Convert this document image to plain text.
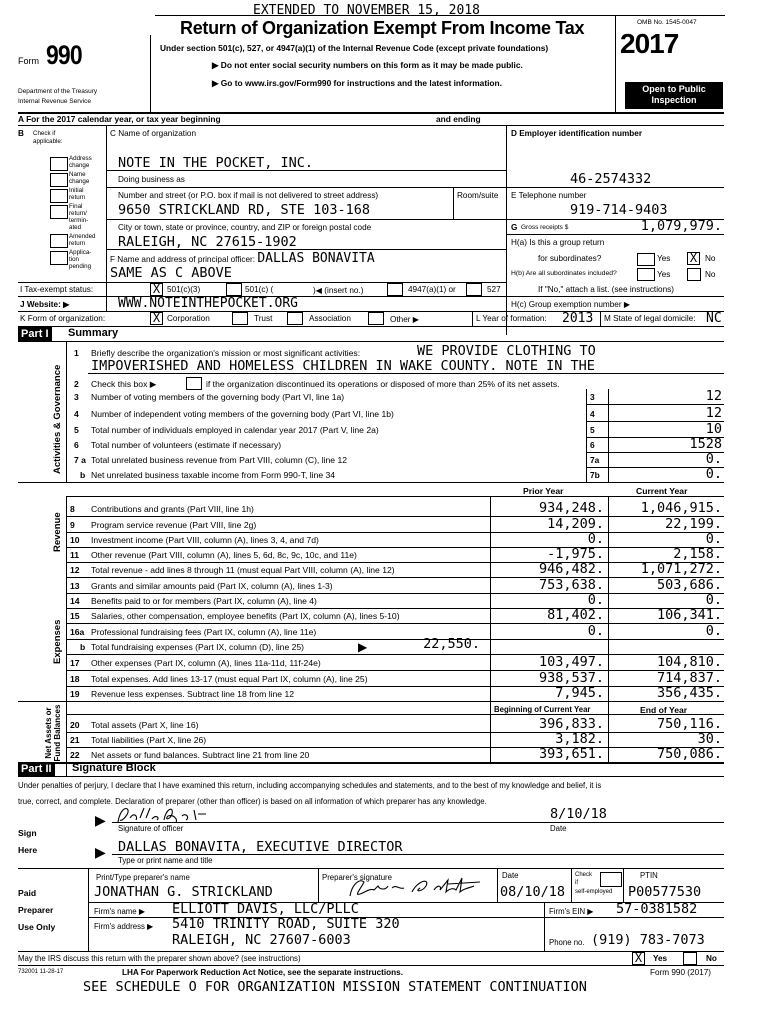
EXTENDED TO NOVEMBER 15, 2018
Form 990
Department of the Treasury
Internal Revenue Service
Return of Organization Exempt From Income Tax
Under section 501(c), 527, or 4947(a)(1) of the Internal Revenue Code (except private foundations)
▶ Do not enter social security numbers on this form as it may be made public.
▶ Go to www.irs.gov/Form990 for instructions and the latest information.
OMB No. 1545-0047
2017
Open to Public
Inspection
A For the 2017 calendar year, or tax year beginning	and ending
B Check if
applicable:
C Name of organization
Address change
Name change
Initial return
Final return/ termin- ated
Amended return
Applica- tion pending
NOTE IN THE POCKET, INC.
Doing business as
Number and street (or P.O. box if mail is not delivered to street address)	Room/suite
9650 STRICKLAND RD, STE 103-168
City or town, state or province, country, and ZIP or foreign postal code
RALEIGH, NC 27615-1902
F Name and address of principal officer: DALLAS BONAVITA
SAME AS C ABOVE
D Employer identification number
46-2574332
E Telephone number
919-714-9403
G Gross receipts $	1,079,979.
H(a) Is this a group return
for subordinates?	Yes X No
H(b) Are all subordinates included?	Yes	No
If "No," attach a list. (see instructions)
I Tax-exempt status:	X 501(c)(3)	501(c) (	)◀ (insert no.)	4947(a)(1) or	527
J Website: ▶	WWW.NOTEINTHEPOCKET.ORG	H(c) Group exemption number ▶
K Form of organization:	X Corporation	Trust	Association	Other ▶	L Year of formation: 2013 M State of legal domicile: NC
Part I Summary
Activities & Governance
1 Briefly describe the organization's mission or most significant activities:	WE PROVIDE CLOTHING TO
IMPOVERISHED AND HOMELESS CHILDREN IN WAKE COUNTY. NOTE IN THE
2 Check this box ▶	if the organization discontinued its operations or disposed of more than 25% of its net assets.
3 Number of voting members of the governing body (Part VI, line 1a)	3	12
4 Number of independent voting members of the governing body (Part VI, line 1b)	4	12
5 Total number of individuals employed in calendar year 2017 (Part V, line 2a)	5	10
6 Total number of volunteers (estimate if necessary)	6	1528
7 a Total unrelated business revenue from Part VIII, column (C), line 12	7a	0.
b Net unrelated business taxable income from Form 990-T, line 34	7b	0.
Prior Year	Current Year
Revenue
8 Contributions and grants (Part VIII, line 1h)	934,248.	1,046,915.
9 Program service revenue (Part VIII, line 2g)	14,209.	22,199.
10 Investment income (Part VIII, column (A), lines 3, 4, and 7d)	0.	0.
11 Other revenue (Part VIII, column (A), lines 5, 6d, 8c, 9c, 10c, and 11e)	-1,975.	2,158.
12 Total revenue - add lines 8 through 11 (must equal Part VIII, column (A), line 12)	946,482.	1,071,272.
Expenses
13 Grants and similar amounts paid (Part IX, column (A), lines 1-3)	753,638.	503,686.
14 Benefits paid to or for members (Part IX, column (A), line 4)	0.	0.
15 Salaries, other compensation, employee benefits (Part IX, column (A), lines 5-10)	81,402.	106,341.
16a Professional fundraising fees (Part IX, column (A), line 11e)	0.	0.
b Total fundraising expenses (Part IX, column (D), line 25)	▶	22,550.
17 Other expenses (Part IX, column (A), lines 11a-11d, 11f-24e)	103,497.	104,810.
18 Total expenses. Add lines 13-17 (must equal Part IX, column (A), line 25)	938,537.	714,837.
19 Revenue less expenses. Subtract line 18 from line 12	7,945.	356,435.
Beginning of Current Year	End of Year
Net Assets or Fund Balances 20 Total assets (Part X, line 16)	396,833.	750,116.
21 Total liabilities (Part X, line 26)	3,182.	30.
22 Net assets or fund balances. Subtract line 21 from line 20	393,651.	750,086.
Part II Signature Block
Under penalties of perjury, I declare that I have examined this return, including accompanying schedules and statements, and to the best of my knowledge and belief, it is
true, correct, and complete. Declaration of preparer (other than officer) is based on all information of which preparer has any knowledge.
Sign
Here
▶
▶
8/10/18
Signature of officer	Date
DALLAS BONAVITA, EXECUTIVE DIRECTOR
Type or print name and title
Paid
Preparer
Use Only
Print/Type preparer's name	Preparer's signature	Date	Check
if
self-employed
PTIN
JONATHAN G. STRICKLAND	08/10/18	P00577530
Firm's name ▶ ELLIOTT DAVIS, LLC/PLLC	Firm's EIN ▶ 57-0381582
Firm's address ▶ 5410 TRINITY ROAD, SUITE 320
RALEIGH, NC 27607-6003	Phone no. (919) 783-7073
May the IRS discuss this return with the preparer shown above? (see instructions)	X	Yes	No
732001 11-28-17	LHA For Paperwork Reduction Act Notice, see the separate instructions.	Form 990 (2017)
SEE SCHEDULE O FOR ORGANIZATION MISSION STATEMENT CONTINUATION
